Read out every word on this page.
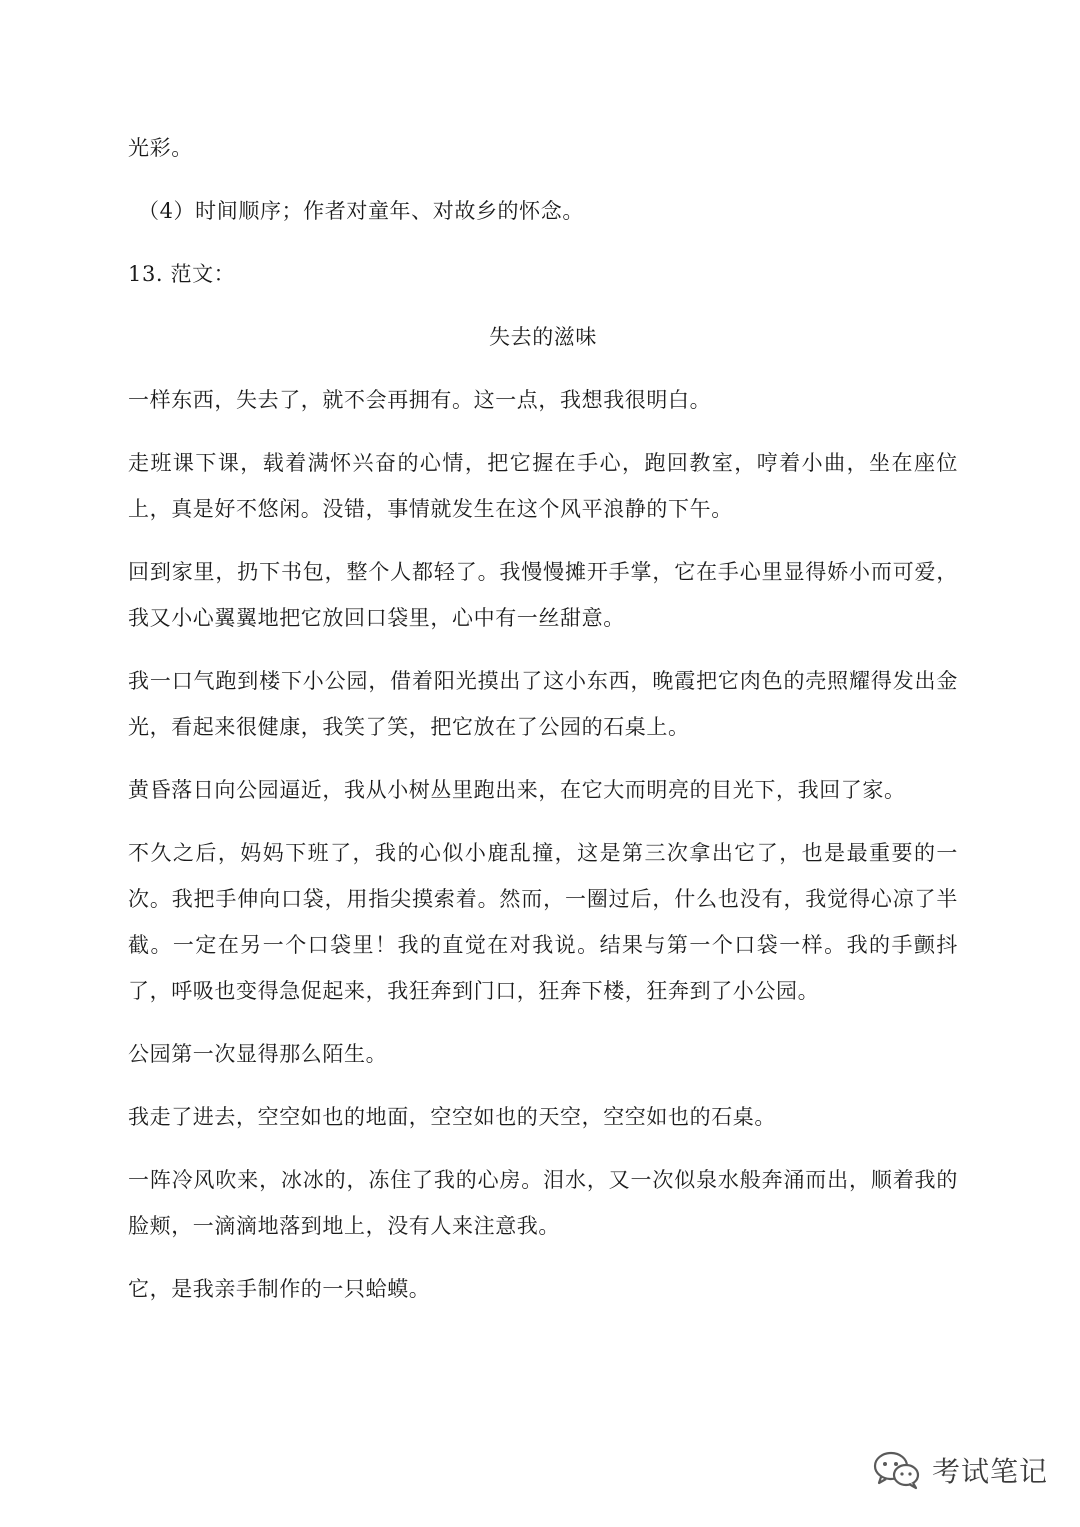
光彩。

（4）时间顺序；作者对童年、对故乡的怀念。

13. 范文：

失去的滋味

一样东西，失去了，就不会再拥有。这一点，我想我很明白。

走班课下课，载着满怀兴奋的心情，把它握在手心，跑回教室，哼着小曲，坐在座位上，真是好不悠闲。没错，事情就发生在这个风平浪静的下午。

回到家里，扔下书包，整个人都轻了。我慢慢摊开手掌，它在手心里显得娇小而可爱，我又小心翼翼地把它放回口袋里，心中有一丝甜意。

我一口气跑到楼下小公园，借着阳光摸出了这小东西，晚霞把它肉色的壳照耀得发出金光，看起来很健康，我笑了笑，把它放在了公园的石桌上。

黄昏落日向公园逼近，我从小树丛里跑出来，在它大而明亮的目光下，我回了家。

不久之后，妈妈下班了，我的心似小鹿乱撞，这是第三次拿出它了，也是最重要的一次。我把手伸向口袋，用指尖摸索着。然而，一圈过后，什么也没有，我觉得心凉了半截。一定在另一个口袋里！我的直觉在对我说。结果与第一个口袋一样。我的手颤抖了，呼吸也变得急促起来，我狂奔到门口，狂奔下楼，狂奔到了小公园。

公园第一次显得那么陌生。

我走了进去，空空如也的地面，空空如也的天空，空空如也的石桌。

一阵冷风吹来，冰冰的，冻住了我的心房。泪水，又一次似泉水般奔涌而出，顺着我的脸颊，一滴滴地落到地上，没有人来注意我。

它，是我亲手制作的一只蛤蟆。

考试笔记
